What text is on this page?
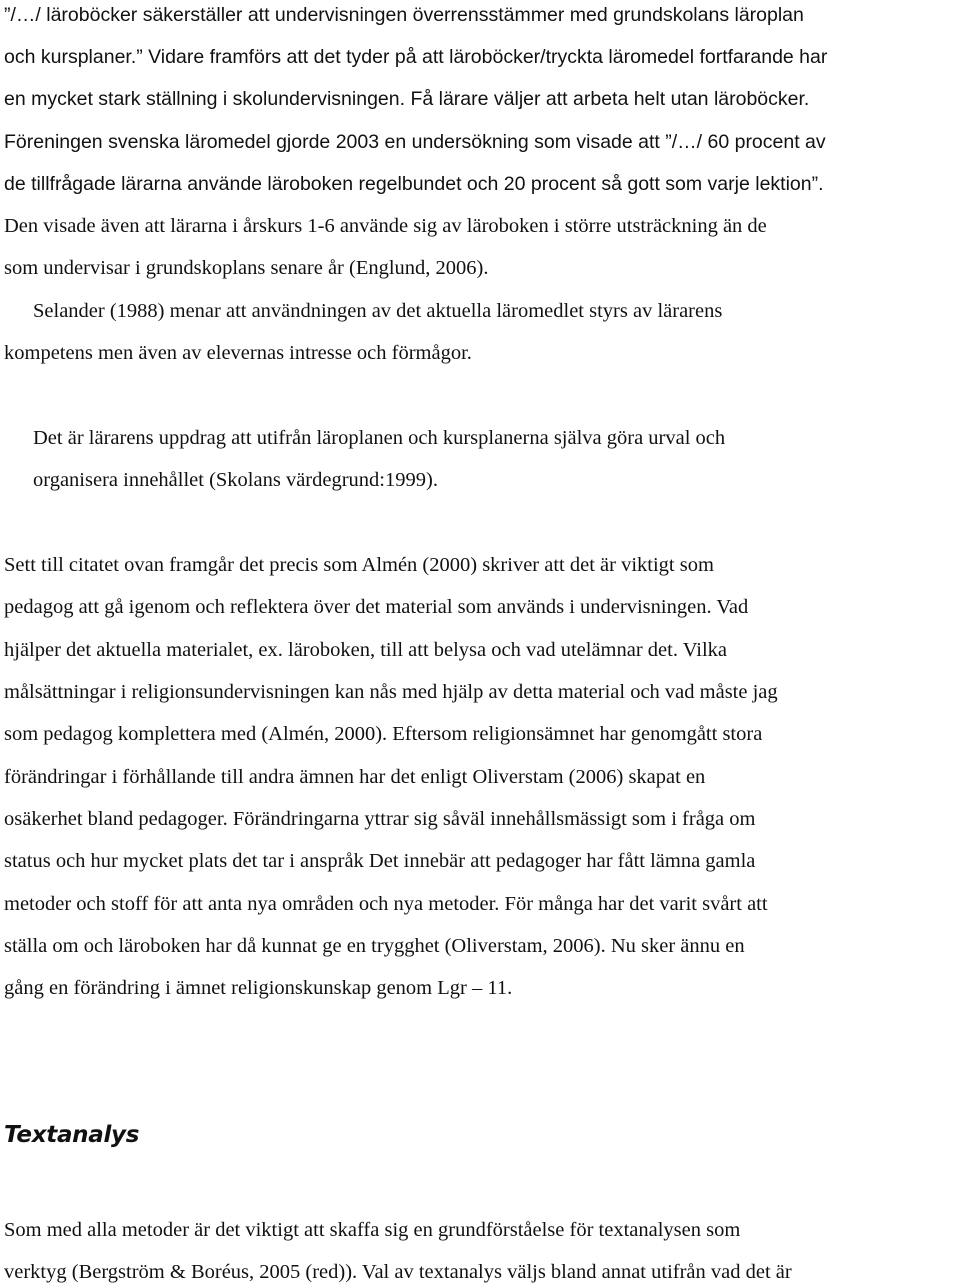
”/…/ läroböcker säkerställer att undervisningen överrensstämmer med grundskolans läroplan
och kursplaner.” Vidare framförs att det tyder på att läroböcker/tryckta läromedel fortfarande har
en mycket stark ställning i skolundervisningen. Få lärare väljer att arbeta helt utan läroböcker.
Föreningen svenska läromedel gjorde 2003 en undersökning som visade att ”/…/ 60 procent av
de tillfrågade lärarna använde läroboken regelbundet och 20 procent så gott som varje lektion”.
Den visade även att lärarna i årskurs 1-6 använde sig av läroboken i större utsträckning än de
som undervisar i grundskoplans senare år (Englund, 2006).
Selander (1988) menar att användningen av det aktuella läromedlet styrs av lärarens
kompetens men även av elevernas intresse och förmågor.
Det är lärarens uppdrag att utifrån läroplanen och kursplanerna själva göra urval och
organisera innehållet (Skolans värdegrund:1999).
Sett till citatet ovan framgår det precis som Almén (2000) skriver att det är viktigt som
pedagog att gå igenom och reflektera över det material som används i undervisningen. Vad
hjälper det aktuella materialet, ex. läroboken, till att belysa och vad utelämnar det. Vilka
målsättningar i religionsundervisningen kan nås med hjälp av detta material och vad måste jag
som pedagog komplettera med (Almén, 2000). Eftersom religionsämnet har genomgått stora
förändringar i förhållande till andra ämnen har det enligt Oliverstam (2006) skapat en
osäkerhet bland pedagoger. Förändringarna yttrar sig såväl innehållsmässigt som i fråga om
status och hur mycket plats det tar i anspråk Det innebär att pedagoger har fått lämna gamla
metoder och stoff för att anta nya områden och nya metoder. För många har det varit svårt att
ställa om och läroboken har då kunnat ge en trygghet (Oliverstam, 2006). Nu sker ännu en
gång en förändring i ämnet religionskunskap genom Lgr – 11.
Textanalys
Som med alla metoder är det viktigt att skaffa sig en grundförståelse för textanalysen som
verktyg (Bergström & Boréus, 2005 (red)). Val av textanalys väljs bland annat utifrån vad det är
